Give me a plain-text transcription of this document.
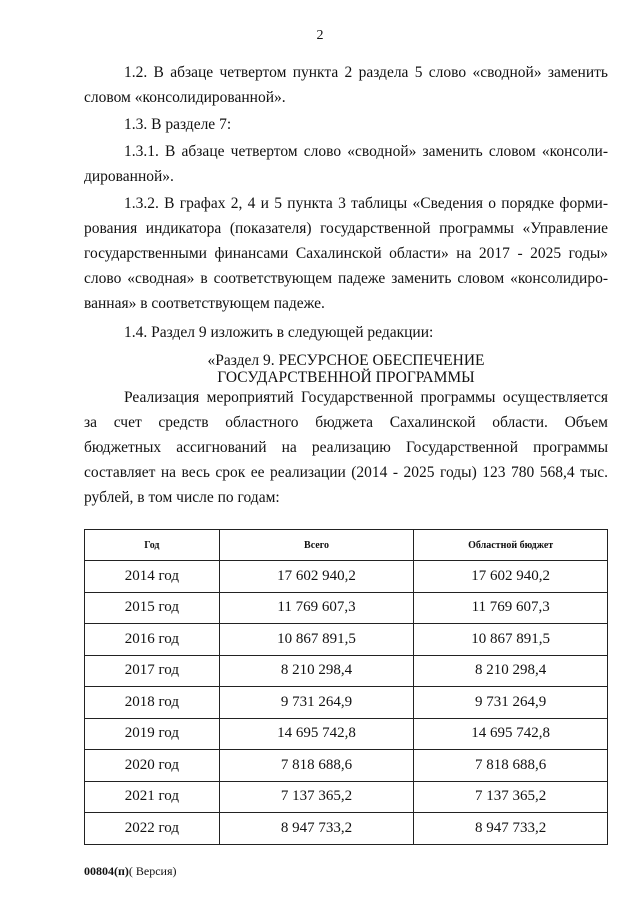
2
1.2. В абзаце четвертом пункта 2 раздела 5 слово «сводной» заменить
словом «консолидированной».
1.3. В разделе 7:
1.3.1. В абзаце четвертом слово «сводной» заменить словом «консоли-
дированной».
1.3.2. В графах 2, 4 и 5 пункта 3 таблицы «Сведения о порядке форми-
рования индикатора (показателя) государственной программы «Управление
государственными финансами Сахалинской области» на 2017 - 2025 годы»
слово «сводная» в соответствующем падеже заменить словом «консолидиро-
ванная» в соответствующем падеже.
1.4. Раздел 9 изложить в следующей редакции:
«Раздел 9. РЕСУРСНОЕ ОБЕСПЕЧЕНИЕ
ГОСУДАРСТВЕННОЙ ПРОГРАММЫ
Реализация мероприятий Государственной программы осуществляется
за счет средств областного бюджета Сахалинской области. Объем
бюджетных ассигнований на реализацию Государственной программы
составляет на весь срок ее реализации (2014 - 2025 годы) 123 780 568,4 тыс.
рублей, в том числе по годам:
Год	Всего	Областной бюджет
2014 год	17 602 940,2	17 602 940,2
2015 год	11 769 607,3	11 769 607,3
2016 год	10 867 891,5	10 867 891,5
2017 год	8 210 298,4	8 210 298,4
2018 год	9 731 264,9	9 731 264,9
2019 год	14 695 742,8	14 695 742,8
2020 год	7 818 688,6	7 818 688,6
2021 год	7 137 365,2	7 137 365,2
2022 год	8 947 733,2	8 947 733,2
00804(п)( Версия)
